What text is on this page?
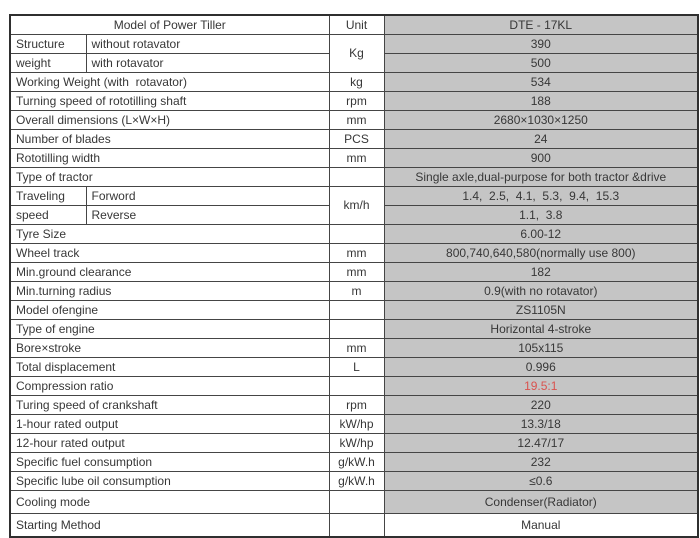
Model of Power Tiller		Unit	DTE - 17KL
Structure	without rotavator	Kg	390
weight	with rotavator		500
Working Weight (with  rotavator)		kg	534
Turning speed of rototilling shaft		rpm	188
Overall dimensions (L×W×H)		mm	2680×1030×1250
Number of blades		PCS	24
Rototilling width		mm	900
Type of tractor			Single axle,dual-purpose for both tractor &drive
Traveling	Forword	km/h	1.4,  2.5,  4.1,  5.3,  9.4,  15.3
speed	Reverse		1.1,  3.8
Tyre Size			6.00-12
Wheel track		mm	800,740,640,580(normally use 800)
Min.ground clearance		mm	182
Min.turning radius		m	0.9(with no rotavator)
Model ofengine			ZS1105N
Type of engine			Horizontal 4-stroke
Bore×stroke		mm	105x115
Total displacement		L	0.996
Compression ratio			19.5:1
Turing speed of crankshaft		rpm	220
1-hour rated output		kW/hp	13.3/18
12-hour rated output		kW/hp	12.47/17
Specific fuel consumption		g/kW.h	232
Specific lube oil consumption		g/kW.h	≤0.6
Cooling mode			Condenser(Radiator)
Starting Method			Manual
